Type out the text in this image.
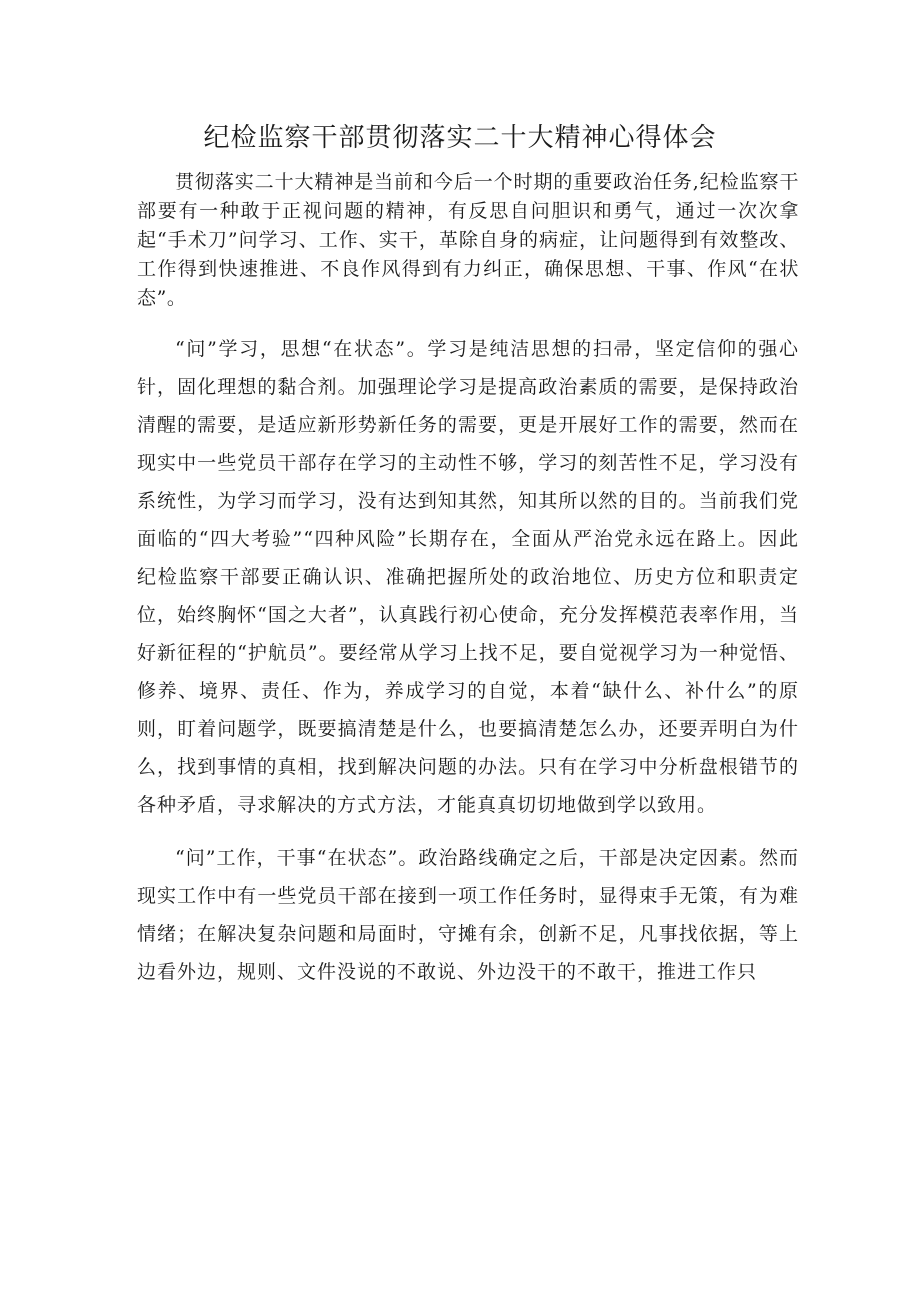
纪检监察干部贯彻落实二十大精神心得体会

贯彻落实二十大精神是当前和今后一个时期的重要政治任务,纪检监察干部要有一种敢于正视问题的精神，有反思自问胆识和勇气，通过一次次拿起“手术刀”问学习、工作、实干，革除自身的病症，让问题得到有效整改、工作得到快速推进、不良作风得到有力纠正，确保思想、干事、作风“在状态”。

“问”学习，思想“在状态”。学习是纯洁思想的扫帚，坚定信仰的强心针，固化理想的黏合剂。加强理论学习是提高政治素质的需要，是保持政治清醒的需要，是适应新形势新任务的需要，更是开展好工作的需要，然而在现实中一些党员干部存在学习的主动性不够，学习的刻苦性不足，学习没有系统性，为学习而学习，没有达到知其然，知其所以然的目的。当前我们党面临的“四大考验”“四种风险”长期存在，全面从严治党永远在路上。因此纪检监察干部要正确认识、准确把握所处的政治地位、历史方位和职责定位，始终胸怀“国之大者”，认真践行初心使命，充分发挥模范表率作用，当好新征程的“护航员”。要经常从学习上找不足，要自觉视学习为一种觉悟、修养、境界、责任、作为，养成学习的自觉，本着“缺什么、补什么”的原则，盯着问题学，既要搞清楚是什么，也要搞清楚怎么办，还要弄明白为什么，找到事情的真相，找到解决问题的办法。只有在学习中分析盘根错节的各种矛盾，寻求解决的方式方法，才能真真切切地做到学以致用。

“问”工作，干事“在状态”。政治路线确定之后，干部是决定因素。然而现实工作中有一些党员干部在接到一项工作任务时，显得束手无策，有为难情绪；在解决复杂问题和局面时，守摊有余，创新不足，凡事找依据，等上边看外边，规则、文件没说的不敢说、外边没干的不敢干，推进工作只
